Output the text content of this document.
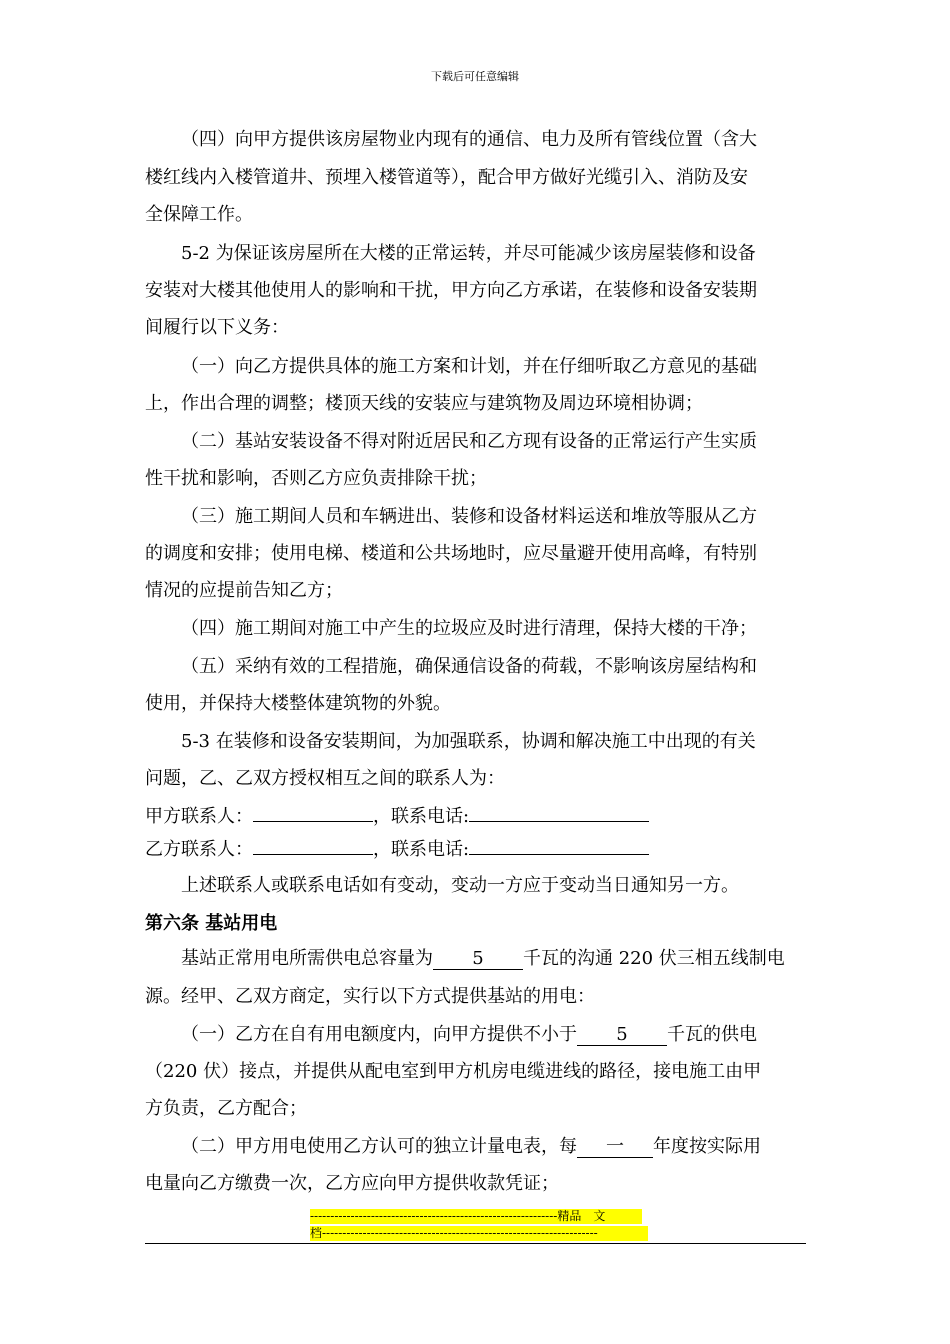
下载后可任意编辑
（四）向甲方提供该房屋物业内现有的通信、电力及所有管线位置（含大
楼红线内入楼管道井、预埋入楼管道等），配合甲方做好光缆引入、消防及安
全保障工作。
5-2 为保证该房屋所在大楼的正常运转，并尽可能减少该房屋装修和设备
安装对大楼其他使用人的影响和干扰，甲方向乙方承诺，在装修和设备安装期
间履行以下义务：
（一）向乙方提供具体的施工方案和计划，并在仔细听取乙方意见的基础
上，作出合理的调整；楼顶天线的安装应与建筑物及周边环境相协调；
（二）基站安装设备不得对附近居民和乙方现有设备的正常运行产生实质
性干扰和影响，否则乙方应负责排除干扰；
（三）施工期间人员和车辆进出、装修和设备材料运送和堆放等服从乙方
的调度和安排；使用电梯、楼道和公共场地时，应尽量避开使用高峰，有特别
情况的应提前告知乙方；
（四）施工期间对施工中产生的垃圾应及时进行清理，保持大楼的干净；
（五）采纳有效的工程措施，确保通信设备的荷载，不影响该房屋结构和
使用，并保持大楼整体建筑物的外貌。
5-3 在装修和设备安装期间，为加强联系，协调和解决施工中出现的有关
问题，乙、乙双方授权相互之间的联系人为：
甲方联系人：	，联系电话:
乙方联系人：	，联系电话:
上述联系人或联系电话如有变动，变动一方应于变动当日通知另一方。
第六条 基站用电
基站正常用电所需供电总容量为 5 千瓦的沟通 220 伏三相五线制电
源。经甲、乙双方商定，实行以下方式提供基站的用电：
（一）乙方在自有用电额度内，向甲方提供不小于 5 千瓦的供电
（220 伏）接点，并提供从配电室到甲方机房电缆进线的路径，接电施工由甲
方负责，乙方配合；
（二）甲方用电使用乙方认可的独立计量电表，每 一 年度按实际用
电量向乙方缴费一次，乙方应向甲方提供收款凭证；
-------------------------------------------------------------精品　文
档--------------------------------------------------------------------
